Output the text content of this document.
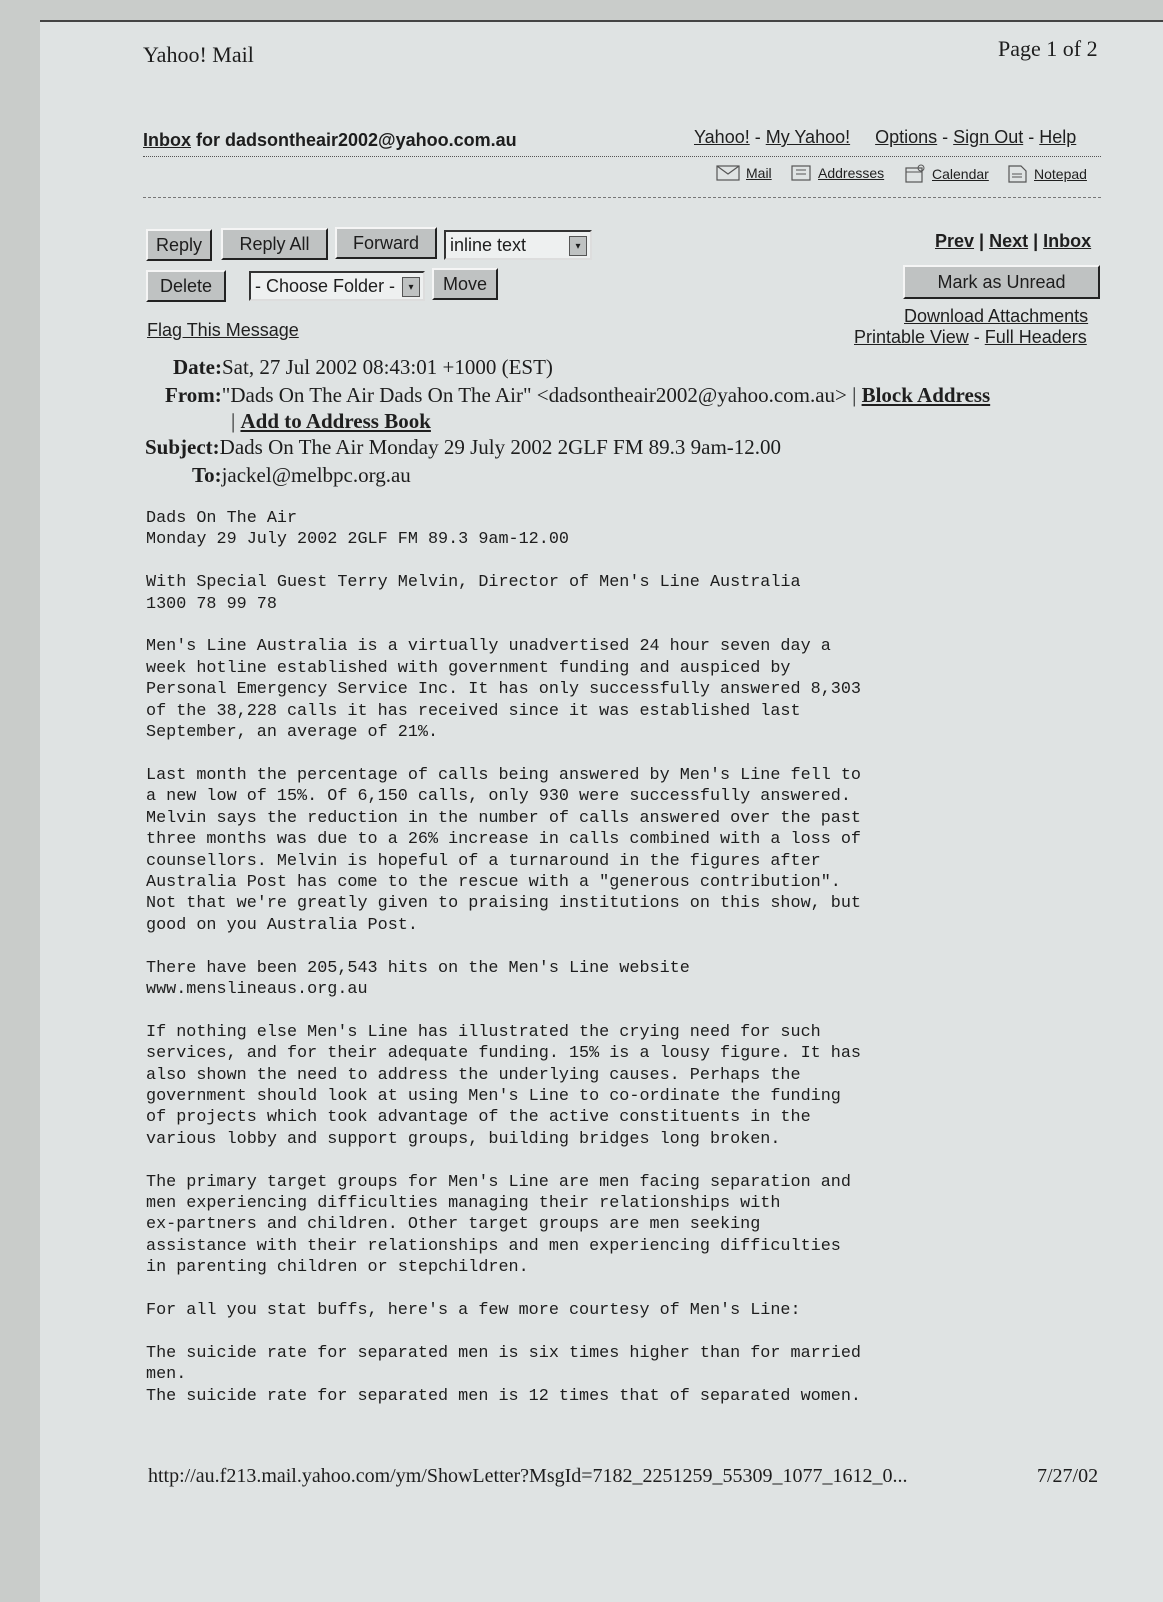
Yahoo! Mail	Page 1 of 2
Inbox for dadsontheair2002@yahoo.com.au	Yahoo! - My Yahoo! Options - Sign Out - Help
Mail	Addresses	Calendar	Notepad
Reply	Reply All	Forward	inline text	▾
Delete	- Choose Folder -	▾	Move
Flag This Message
Prev | Next | Inbox
Mark as Unread
Download Attachments
Printable View - Full Headers
Date:Sat, 27 Jul 2002 08:43:01 +1000 (EST)
From:"Dads On The Air Dads On The Air" <dadsontheair2002@yahoo.com.au> | Block Address
| Add to Address Book
Subject:Dads On The Air Monday 29 July 2002 2GLF FM 89.3 9am-12.00
To:jackel@melbpc.org.au
Dads On The Air
Monday 29 July 2002 2GLF FM 89.3 9am-12.00

With Special Guest Terry Melvin, Director of Men's Line Australia
1300 78 99 78

Men's Line Australia is a virtually unadvertised 24 hour seven day a
week hotline established with government funding and auspiced by
Personal Emergency Service Inc. It has only successfully answered 8,303
of the 38,228 calls it has received since it was established last
September, an average of 21%.

Last month the percentage of calls being answered by Men's Line fell to
a new low of 15%. Of 6,150 calls, only 930 were successfully answered.
Melvin says the reduction in the number of calls answered over the past
three months was due to a 26% increase in calls combined with a loss of
counsellors. Melvin is hopeful of a turnaround in the figures after
Australia Post has come to the rescue with a "generous contribution".
Not that we're greatly given to praising institutions on this show, but
good on you Australia Post.

There have been 205,543 hits on the Men's Line website
www.menslineaus.org.au

If nothing else Men's Line has illustrated the crying need for such
services, and for their adequate funding. 15% is a lousy figure. It has
also shown the need to address the underlying causes. Perhaps the
government should look at using Men's Line to co-ordinate the funding
of projects which took advantage of the active constituents in the
various lobby and support groups, building bridges long broken.

The primary target groups for Men's Line are men facing separation and
men experiencing difficulties managing their relationships with
ex-partners and children. Other target groups are men seeking
assistance with their relationships and men experiencing difficulties
in parenting children or stepchildren.

For all you stat buffs, here's a few more courtesy of Men's Line:

The suicide rate for separated men is six times higher than for married
men.
The suicide rate for separated men is 12 times that of separated women.
http://au.f213.mail.yahoo.com/ym/ShowLetter?MsgId=7182_2251259_55309_1077_1612_0...	7/27/02
